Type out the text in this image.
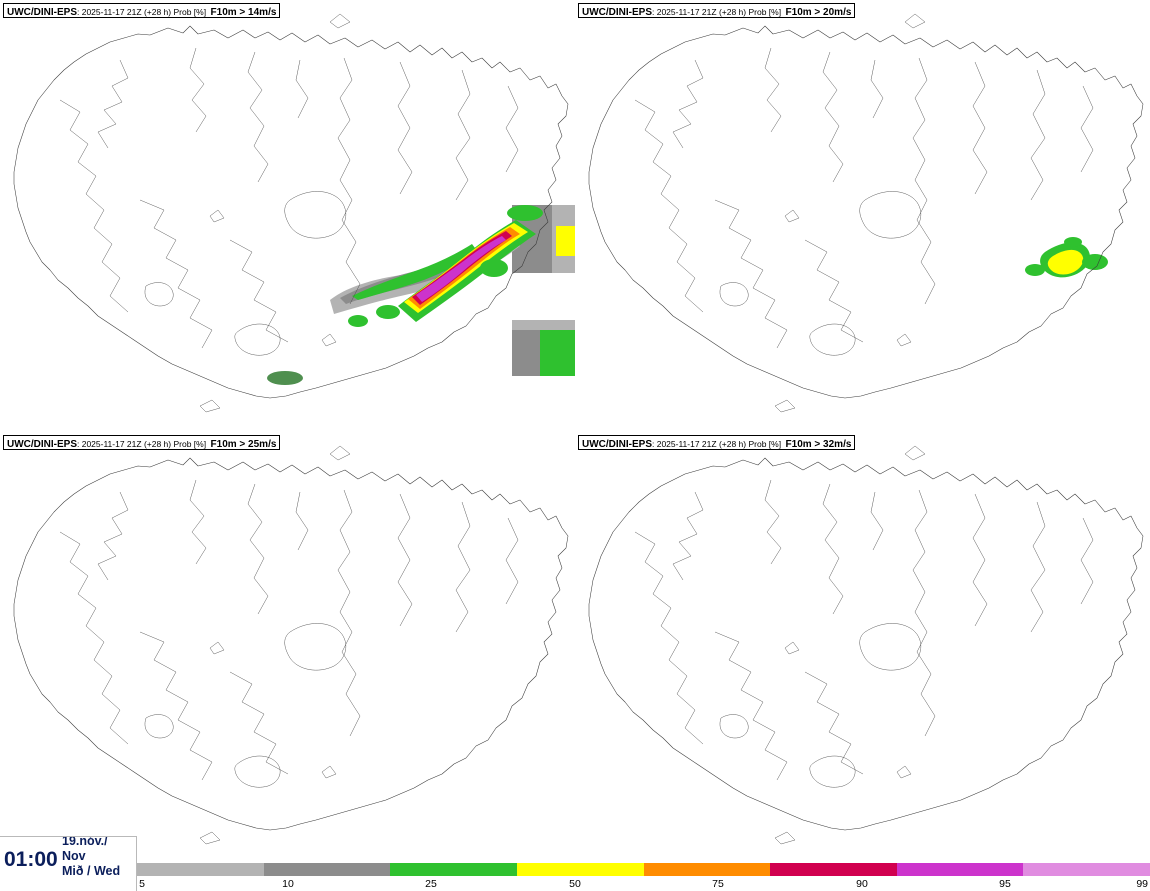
UWC/DINI-EPS: 2025-11-17 21Z (+28 h) Prob [%] F10m > 14m/s	UWC/DINI-EPS: 2025-11-17 21Z (+28 h) Prob [%] F10m > 20m/s
UWC/DINI-EPS: 2025-11-17 21Z (+28 h) Prob [%] F10m > 25m/s	UWC/DINI-EPS: 2025-11-17 21Z (+28 h) Prob [%] F10m > 32m/s
5	10	25	50	75	90	95	99
01:00
19.nóv./
Nov
Mið / Wed
